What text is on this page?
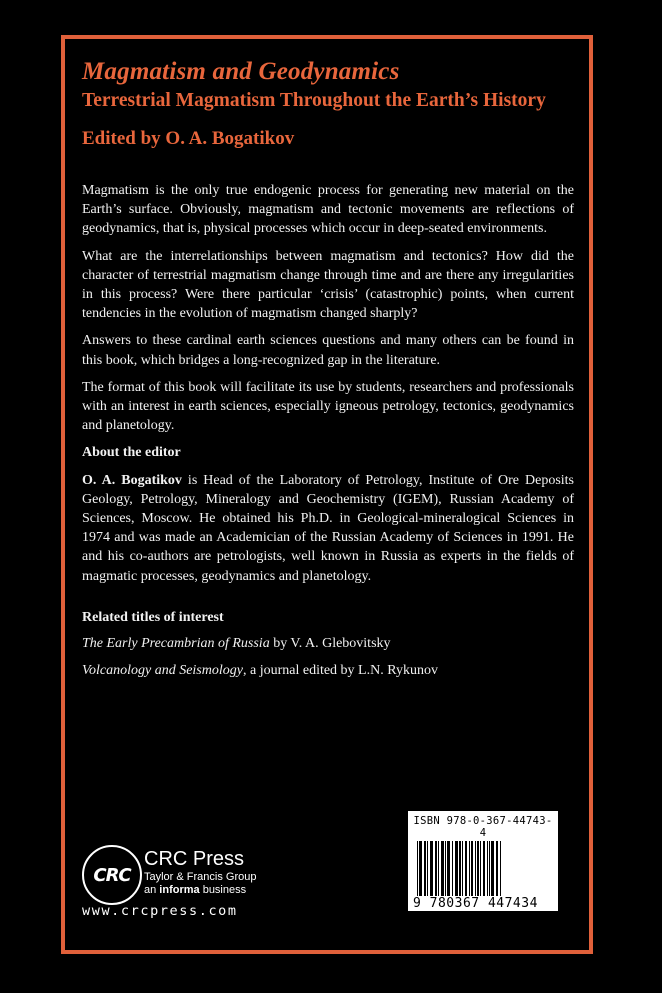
Magmatism and Geodynamics
Terrestrial Magmatism Throughout the Earth’s History
Edited by O. A. Bogatikov

Magmatism is the only true endogenic process for generating new material on the Earth’s surface. Obviously, magmatism and tectonic movements are reflections of geodynamics, that is, physical processes which occur in deep-seated environments.

What are the interrelationships between magmatism and tectonics? How did the character of terrestrial magmatism change through time and are there any irregularities in this process? Were there particular ‘crisis’ (catastrophic) points, when current tendencies in the evolution of magmatism changed sharply?

Answers to these cardinal earth sciences questions and many others can be found in this book, which bridges a long-recognized gap in the literature.

The format of this book will facilitate its use by students, researchers and professionals with an interest in earth sciences, especially igneous petrology, tectonics, geodynamics and planetology.

About the editor

O. A. Bogatikov is Head of the Laboratory of Petrology, Institute of Ore Deposits Geology, Petrology, Mineralogy and Geochemistry (IGEM), Russian Academy of Sciences, Moscow. He obtained his Ph.D. in Geological-mineralogical Sciences in 1974 and was made an Academician of the Russian Academy of Sciences in 1991. He and his co-authors are petrologists, well known in Russia as experts in the fields of magmatic processes, geodynamics and planetology.

Related titles of interest

The Early Precambrian of Russia by V. A. Glebovitsky

Volcanology and Seismology, a journal edited by L.N. Rykunov

CRC
CRC Press
Taylor & Francis Group
an informa business
www.crcpress.com
ISBN 978-0-367-44743-4
9 780367 447434
